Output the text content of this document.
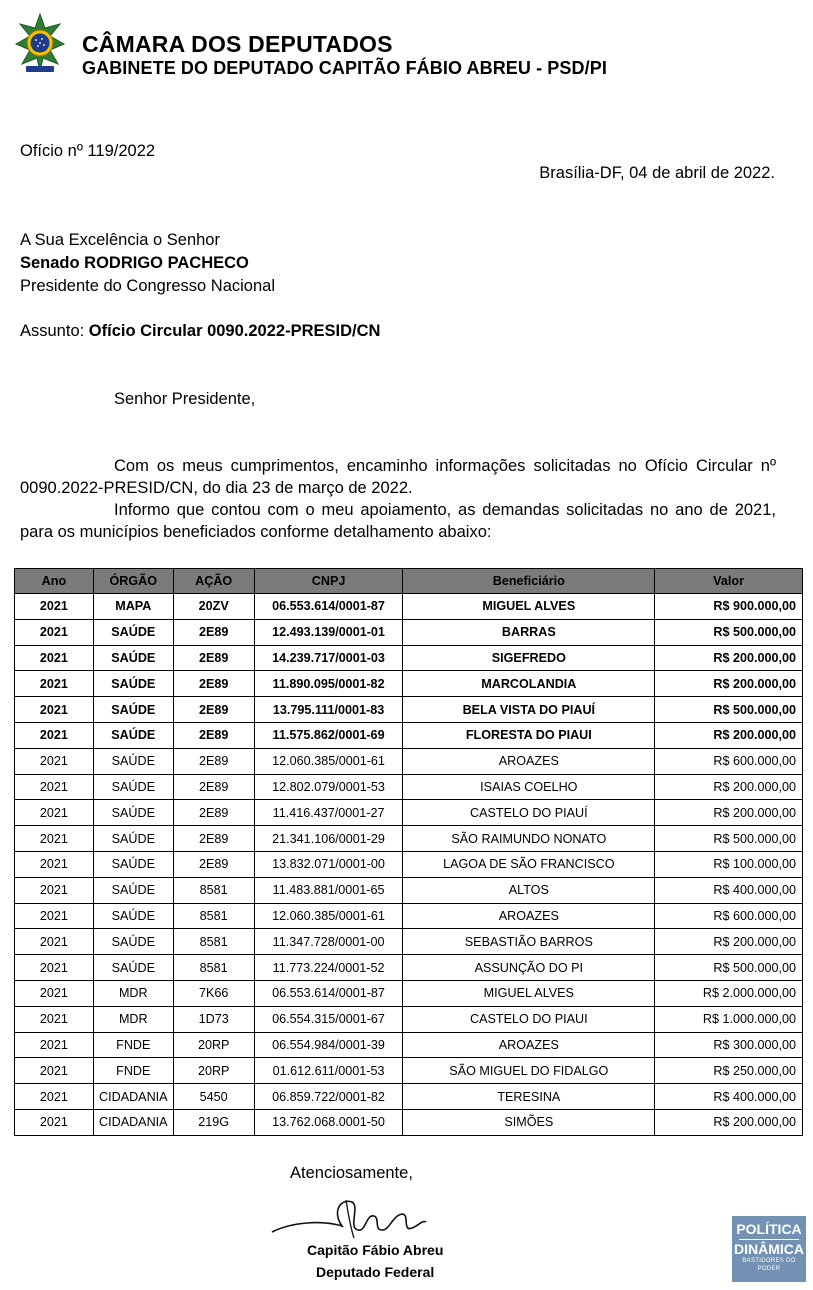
CÂMARA DOS DEPUTADOS
GABINETE DO DEPUTADO CAPITÃO FÁBIO ABREU - PSD/PI
Ofício nº 119/2022
Brasília-DF, 04 de abril de 2022.
A Sua Excelência o Senhor
Senado RODRIGO PACHECO
Presidente do Congresso Nacional
Assunto: Ofício Circular 0090.2022-PRESID/CN
Senhor Presidente,
Com os meus cumprimentos, encaminho informações solicitadas no Ofício Circular nº 0090.2022-PRESID/CN, do dia 23 de março de 2022.
Informo que contou com o meu apoiamento, as demandas solicitadas no ano de 2021, para os municípios beneficiados conforme detalhamento abaixo:
Ano	ÓRGÃO	AÇÃO	CNPJ	Beneficiário	Valor
2021	MAPA	20ZV	06.553.614/0001-87	MIGUEL ALVES	R$ 900.000,00
2021	SAÚDE	2E89	12.493.139/0001-01	BARRAS	R$ 500.000,00
2021	SAÚDE	2E89	14.239.717/0001-03	SIGEFREDO	R$ 200.000,00
2021	SAÚDE	2E89	11.890.095/0001-82	MARCOLANDIA	R$ 200.000,00
2021	SAÚDE	2E89	13.795.111/0001-83	BELA VISTA DO PIAUÍ	R$ 500.000,00
2021	SAÚDE	2E89	11.575.862/0001-69	FLORESTA DO PIAUI	R$ 200.000,00
2021	SAÚDE	2E89	12.060.385/0001-61	AROAZES	R$ 600.000,00
2021	SAÚDE	2E89	12.802.079/0001-53	ISAIAS COELHO	R$ 200.000,00
2021	SAÚDE	2E89	11.416.437/0001-27	CASTELO DO PIAUÍ	R$ 200.000,00
2021	SAÚDE	2E89	21.341.106/0001-29	SÃO RAIMUNDO NONATO	R$ 500.000,00
2021	SAÚDE	2E89	13.832.071/0001-00	LAGOA DE SÃO FRANCISCO	R$ 100.000,00
2021	SAÚDE	8581	11.483.881/0001-65	ALTOS	R$ 400.000,00
2021	SAÚDE	8581	12.060.385/0001-61	AROAZES	R$ 600.000,00
2021	SAÚDE	8581	11.347.728/0001-00	SEBASTIÃO BARROS	R$ 200.000,00
2021	SAÚDE	8581	11.773.224/0001-52	ASSUNÇÃO DO PI	R$ 500.000,00
2021	MDR	7K66	06.553.614/0001-87	MIGUEL ALVES	R$ 2.000.000,00
2021	MDR	1D73	06.554.315/0001-67	CASTELO DO PIAUI	R$ 1.000.000,00
2021	FNDE	20RP	06.554.984/0001-39	AROAZES	R$ 300.000,00
2021	FNDE	20RP	01.612.611/0001-53	SÃO MIGUEL DO FIDALGO	R$ 250.000,00
2021	CIDADANIA	5450	06.859.722/0001-82	TERESINA	R$ 400.000,00
2021	CIDADANIA	219G	13.762.068.0001-50	SIMÕES	R$ 200.000,00
Atenciosamente,
Capitão Fábio Abreu
Deputado Federal
POLÍTICA
DINÂMICA
BASTIDORES DO PODER
